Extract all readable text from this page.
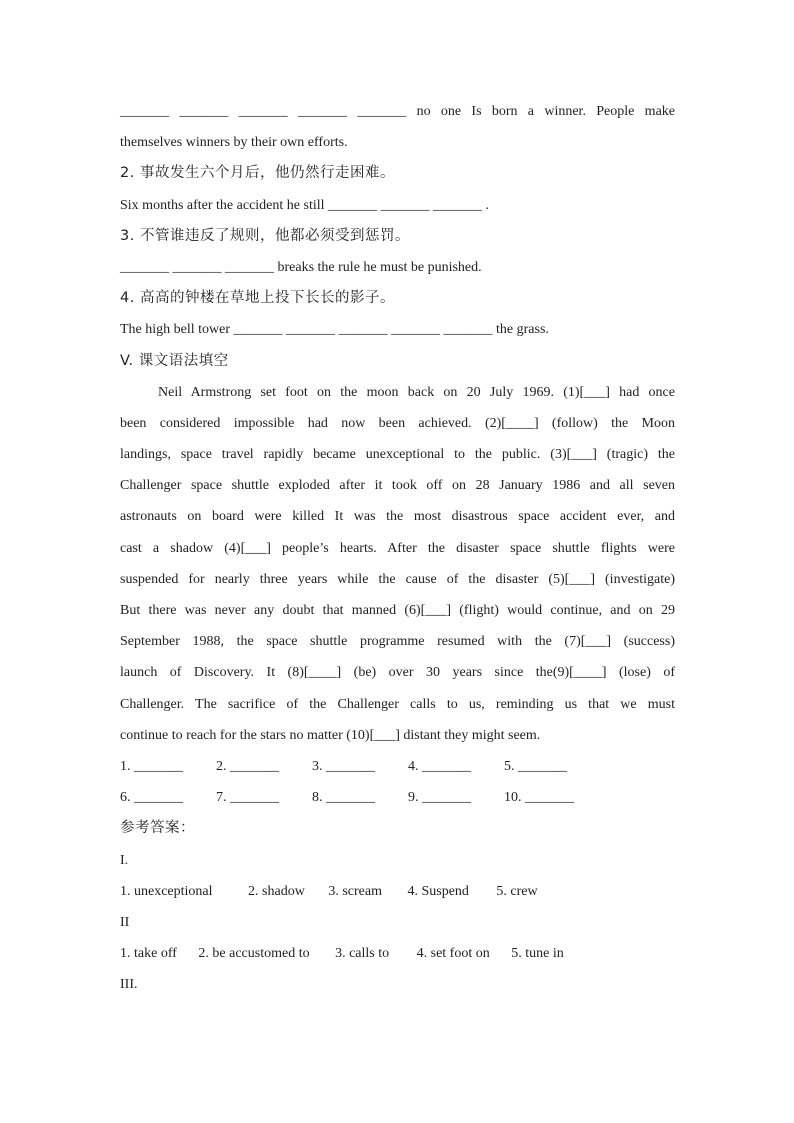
_______ _______ _______ _______ _______ no one Is born a winner. People make
themselves winners by their own efforts.
2. 事故发生六个月后，他仍然行走困难。
Six months after the accident he still _______ _______ _______ .
3. 不管谁违反了规则，他都必须受到惩罚。
_______ _______ _______ breaks the rule he must be punished.
4. 高高的钟楼在草地上投下长长的影子。
The high bell tower _______ _______ _______ _______ _______ the grass.
V. 课文语法填空
Neil Armstrong set foot on the moon back on 20 July 1969. (1)[___] had once
been considered impossible had now been achieved. (2)[____] (follow) the Moon
landings, space travel rapidly became unexceptional to the public. (3)[___] (tragic) the
Challenger space shuttle exploded after it took off on 28 January 1986 and all seven
astronauts on board were killed It was the most disastrous space accident ever, and
cast a shadow (4)[___] people’s hearts. After the disaster space shuttle flights were
suspended for nearly three years while the cause of the disaster (5)[___] (investigate)
But there was never any doubt that manned (6)[___] (flight) would continue, and on 29
September 1988, the space shuttle programme resumed with the (7)[___] (success)
launch of Discovery. It (8)[____] (be) over 30 years since the(9)[____] (lose) of
Challenger. The sacrifice of the Challenger calls to us, reminding us that we must
continue to reach for the stars no matter (10)[___] distant they might seem.
1. _______	2. _______	3. _______	4. _______	5. _______
6. _______	7. _______	8. _______	9. _______	10. _______
参考答案：
I.
1. unexceptional	2. shadow 3. scream 4. Suspend 5. crew
II
1. take off 2. be accustomed to 3. calls to 4. set foot on 5. tune in
III.
